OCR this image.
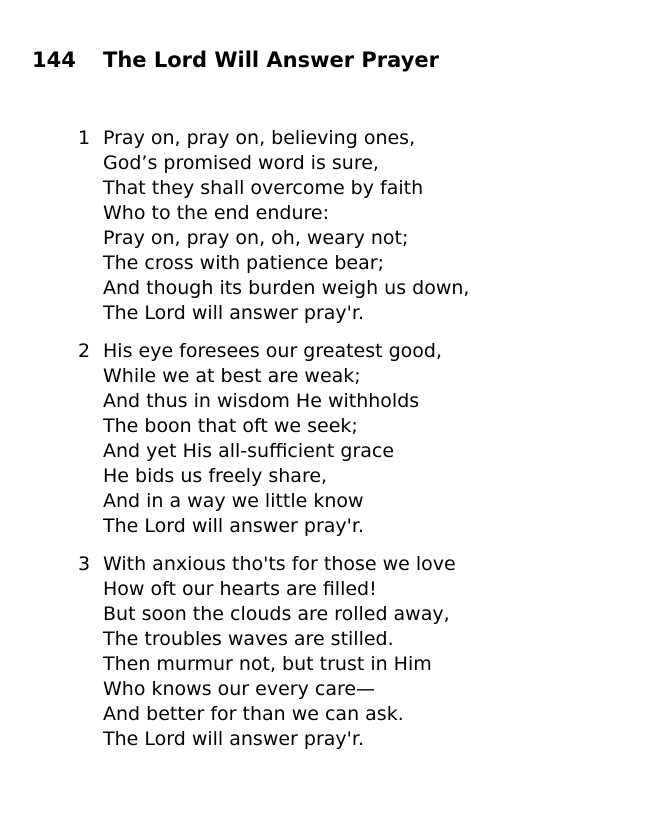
144 The Lord Will Answer Prayer
1 Pray on, pray on, believing ones,
God’s promised word is sure,
That they shall overcome by faith
Who to the end endure:
Pray on, pray on, oh, weary not;
The cross with patience bear;
And though its burden weigh us down,
The Lord will answer pray'r.
2 His eye foresees our greatest good,
While we at best are weak;
And thus in wisdom He withholds
The boon that oft we seek;
And yet His all-sufficient grace
He bids us freely share,
And in a way we little know
The Lord will answer pray'r.
3 With anxious tho'ts for those we love
How oft our hearts are filled!
But soon the clouds are rolled away,
The troubles waves are stilled.
Then murmur not, but trust in Him
Who knows our every care—
And better for than we can ask.
The Lord will answer pray'r.
